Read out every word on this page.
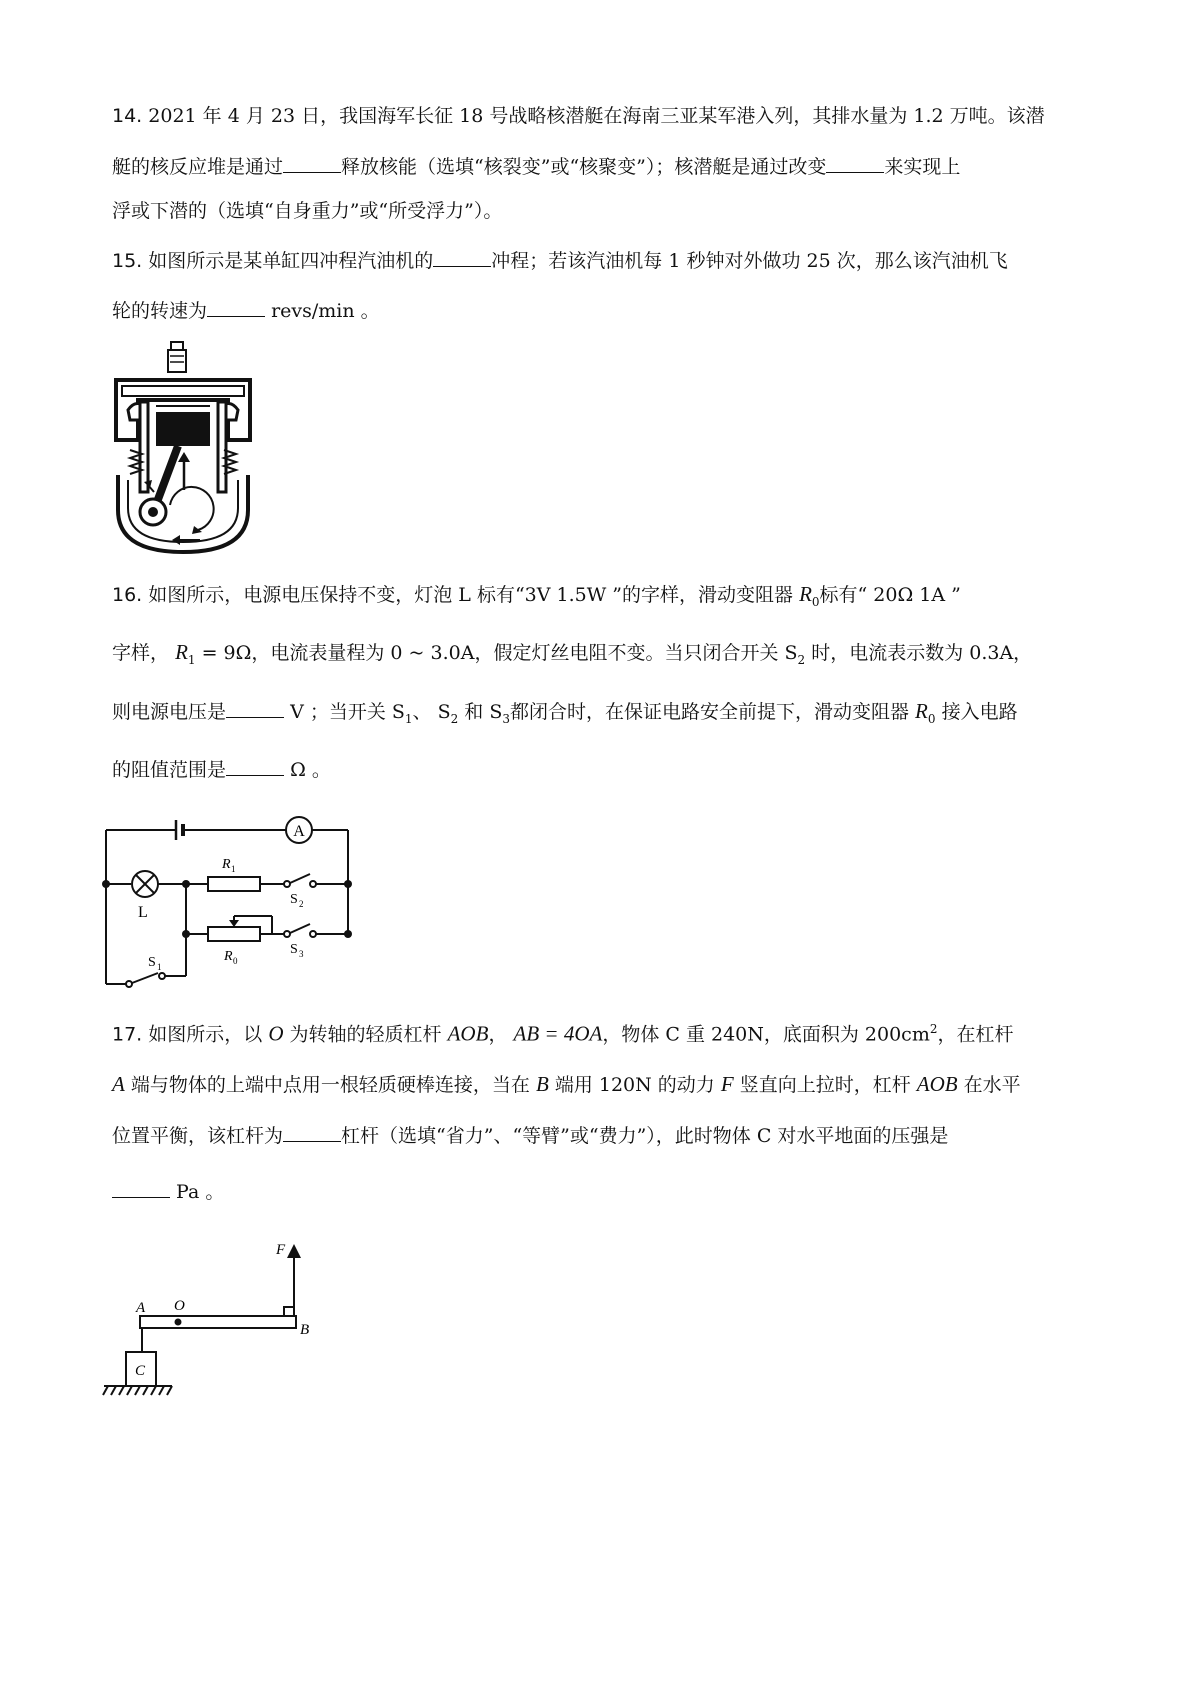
14. 2021 年 4 月 23 日，我国海军长征 18 号战略核潜艇在海南三亚某军港入列，其排水量为 1.2 万吨。该潜
艇的核反应堆是通过	释放核能（选填“核裂变”或“核聚变”）；核潜艇是通过改变	来实现上
浮或下潜的（选填“自身重力”或“所受浮力”）。
15. 如图所示是某单缸四冲程汽油机的	冲程；若该汽油机每 1 秒钟对外做功 25 次，那么该汽油机飞
轮的转速为	revs/min 。
16. 如图所示，电源电压保持不变，灯泡 L 标有“3V 1.5W ”的字样，滑动变阻器 $R_0$标有“ 20Ω 1A ”
字样， $R_1 = 9\Omega$，电流表量程为 0 ~ 3.0A，假定灯丝电阻不变。当只闭合开关 $S_2$ 时，电流表示数为 0.3A，
则电源电压是	V ；当开关 $S_1$、 $S_2$ 和 $S_3$都闭合时，在保证电路安全前提下，滑动变阻器 $R_0$ 接入电路
的阻值范围是	Ω 。
A
L
R 1
R 0
S 2
S 3
S 1
17. 如图所示，以 O 为转轴的轻质杠杆 AOB， AB = 4OA，物体 C 重 240N，底面积为 $200cm^2$，在杠杆
A 端与物体的上端中点用一根轻质硬棒连接，当在 B 端用 120N 的动力 F 竖直向上拉时，杠杆 AOB 在水平
位置平衡，该杠杆为	杠杆（选填“省力”、“等臂”或“费力”），此时物体 C 对水平地面的压强是
Pa 。
F
A O
B
C
